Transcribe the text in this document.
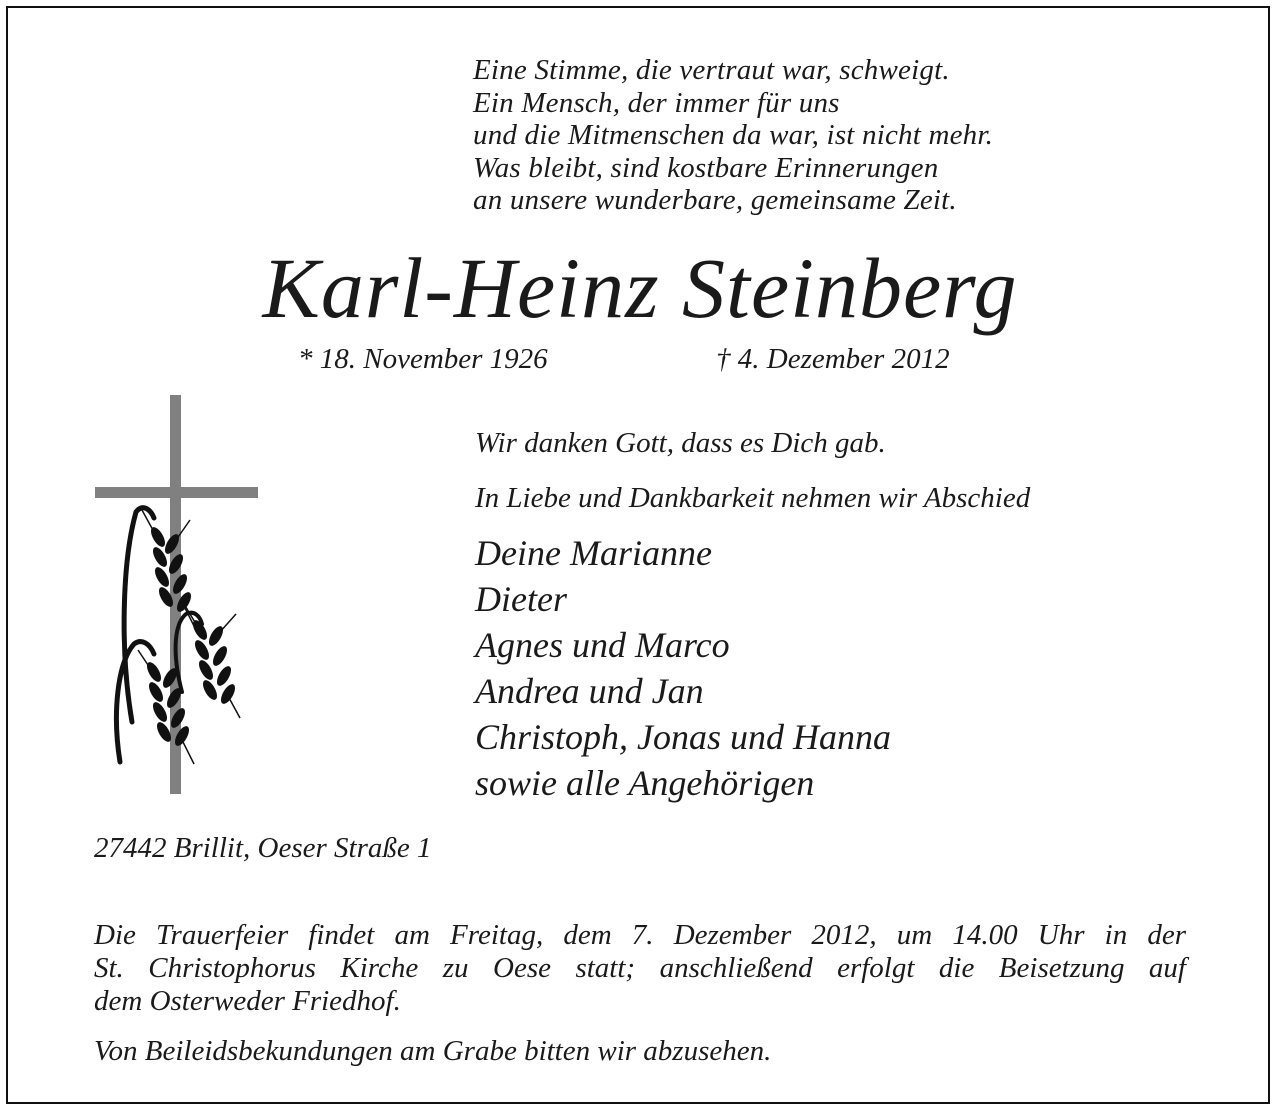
Eine Stimme, die vertraut war, schweigt.
Ein Mensch, der immer für uns
und die Mitmenschen da war, ist nicht mehr.
Was bleibt, sind kostbare Erinnerungen
an unsere wunderbare, gemeinsame Zeit.
Karl-Heinz Steinberg
* 18. November 1926	† 4. Dezember 2012
Wir danken Gott, dass es Dich gab.
In Liebe und Dankbarkeit nehmen wir Abschied
Deine Marianne
Dieter
Agnes und Marco
Andrea und Jan
Christoph, Jonas und Hanna
sowie alle Angehörigen
27442 Brillit, Oeser Straße 1
Die Trauerfeier findet am Freitag, dem 7. Dezember 2012, um 14.00 Uhr in der
St. Christophorus Kirche zu Oese statt; anschließend erfolgt die Beisetzung auf
dem Osterweder Friedhof.
Von Beileidsbekundungen am Grabe bitten wir abzusehen.
